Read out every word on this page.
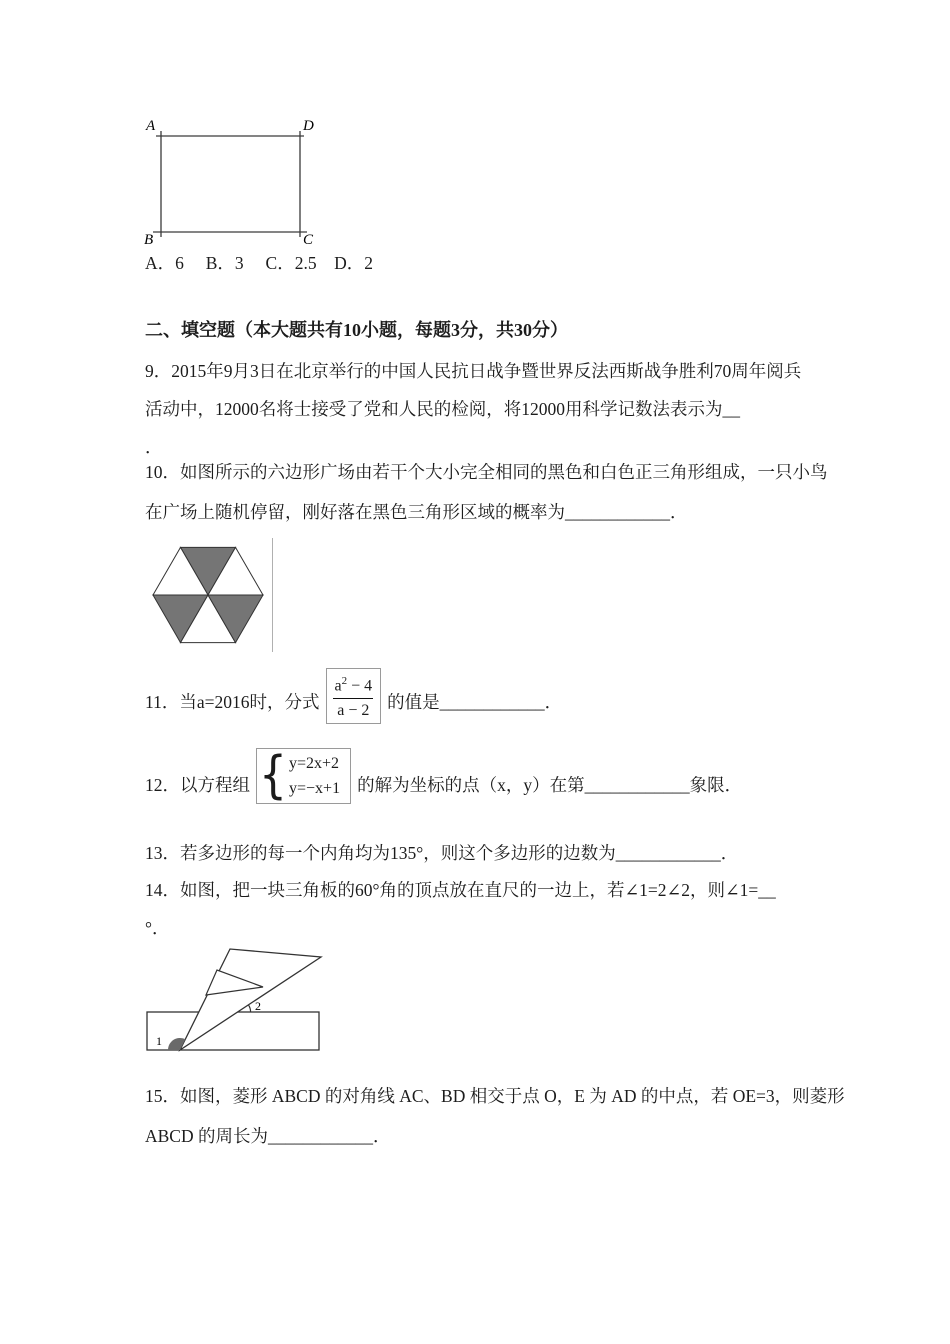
A	D
B	C
A．6　 B．3　 C．2.5　D．2
二、填空题（本大题共有10小题，每题3分，共30分）
9．2015年9月3日在北京举行的中国人民抗日战争暨世界反法西斯战争胜利70周年阅兵
活动中，12000名将士接受了党和人民的检阅，将12000用科学记数法表示为__
．
10．如图所示的六边形广场由若干个大小完全相同的黑色和白色正三角形组成，一只小鸟
在广场上随机停留，刚好落在黑色三角形区域的概率为____________．
11．当a=2016时，分式 $\frac{a^2 - 4}{a - 2}$ 的值是____________．
12．以方程组 { y=2x+2
y=−x+1 的解为坐标的点（x，y）在第____________象限．
13．若多边形的每一个内角均为135°，则这个多边形的边数为____________．
14．如图，把一块三角板的60°角的顶点放在直尺的一边上，若∠1=2∠2，则∠1=__
°．
1
2
15．如图，菱形 ABCD 的对角线 AC、BD 相交于点 O，E 为 AD 的中点，若 OE=3，则菱形
ABCD 的周长为____________．
